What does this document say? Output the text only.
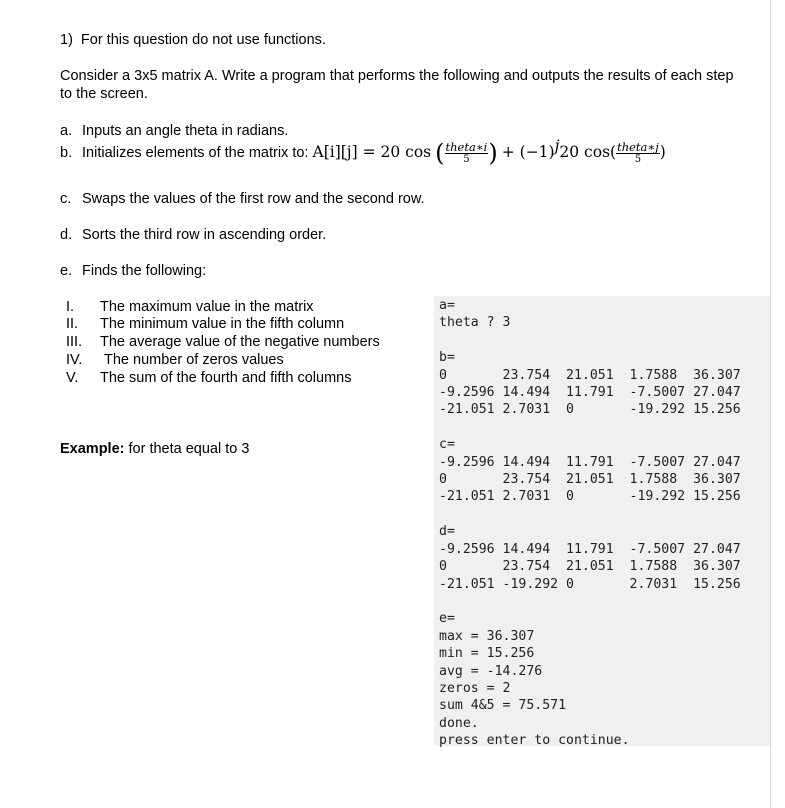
1) For this question do not use functions.
Consider a 3x5 matrix A. Write a program that performs the following and outputs the results of each step to the screen.
a. Inputs an angle theta in radians.
b. Initializes elements of the matrix to: A[i][j] = 20 cos ( $\frac{\text{theta∗i}}{5}$ ) + (−1)j20 $\cos( \frac{\text{theta∗j}}{5}$ )
c. Swaps the values of the first row and the second row.
d. Sorts the third row in ascending order.
e. Finds the following:
I. The maximum value in the matrix
II. The minimum value in the fifth column
III. The average value of the negative numbers
IV. The number of zeros values
V. The sum of the fourth and fifth columns
Example: for theta equal to 3
a=
theta ? 3

b=
0       23.754  21.051  1.7588  36.307
-9.2596 14.494  11.791  -7.5007 27.047
-21.051 2.7031  0       -19.292 15.256

c=
-9.2596 14.494  11.791  -7.5007 27.047
0       23.754  21.051  1.7588  36.307
-21.051 2.7031  0       -19.292 15.256

d=
-9.2596 14.494  11.791  -7.5007 27.047
0       23.754  21.051  1.7588  36.307
-21.051 -19.292 0       2.7031  15.256

e=
max = 36.307
min = 15.256
avg = -14.276
zeros = 2
sum 4&5 = 75.571
done.
press enter to continue.
